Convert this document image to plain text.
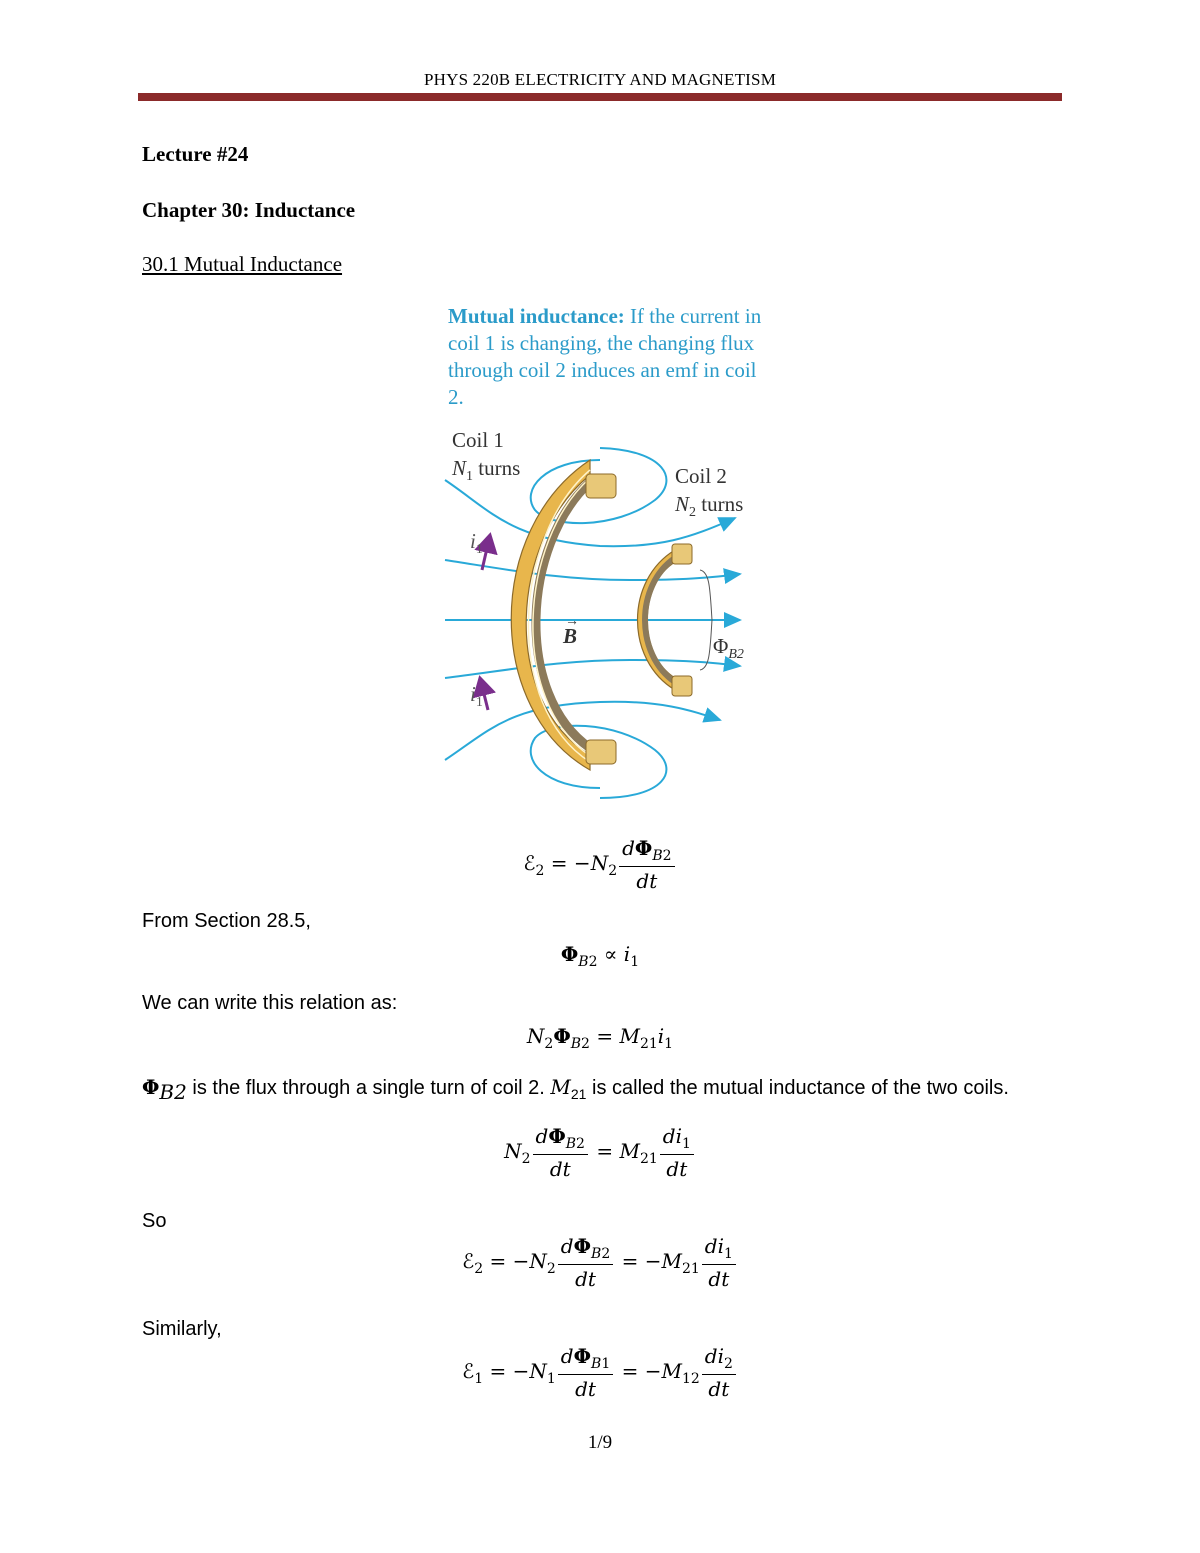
PHYS 220B ELECTRICITY AND MAGNETISM
Lecture #24
Chapter 30: Inductance
30.1 Mutual Inductance
Mutual inductance: If the current in coil 1 is changing, the changing flux through coil 2 induces an emf in coil 2.
Coil 1
$N_1$ turns	Coil 2
$N_2$ turns
$i_1$
$i_1$
→
B	$\Phi_{B2}$
ℰ$_2$ = $-N_2 \frac{d\Phi_{B2}}{dt}$
From Section 28.5,
$\Phi_{B2} \propto i_1$
We can write this relation as:
$N_2\Phi_{B2} = M_{21}i_1$
$\Phi_{B2}$ is the flux through a single turn of coil 2. $M_{21}$ is called the mutual inductance of the two coils.
$N_2 \frac{d\Phi_{B2}}{dt} = M_{21} \frac{di_1}{dt}$
So
ℰ$_2$ = $-N_2 \frac{d\Phi_{B2}}{dt} = -M_{21} \frac{di_1}{dt}$
Similarly,
ℰ$_1$ = $-N_1 \frac{d\Phi_{B1}}{dt} = -M_{12} \frac{di_2}{dt}$
1/9
